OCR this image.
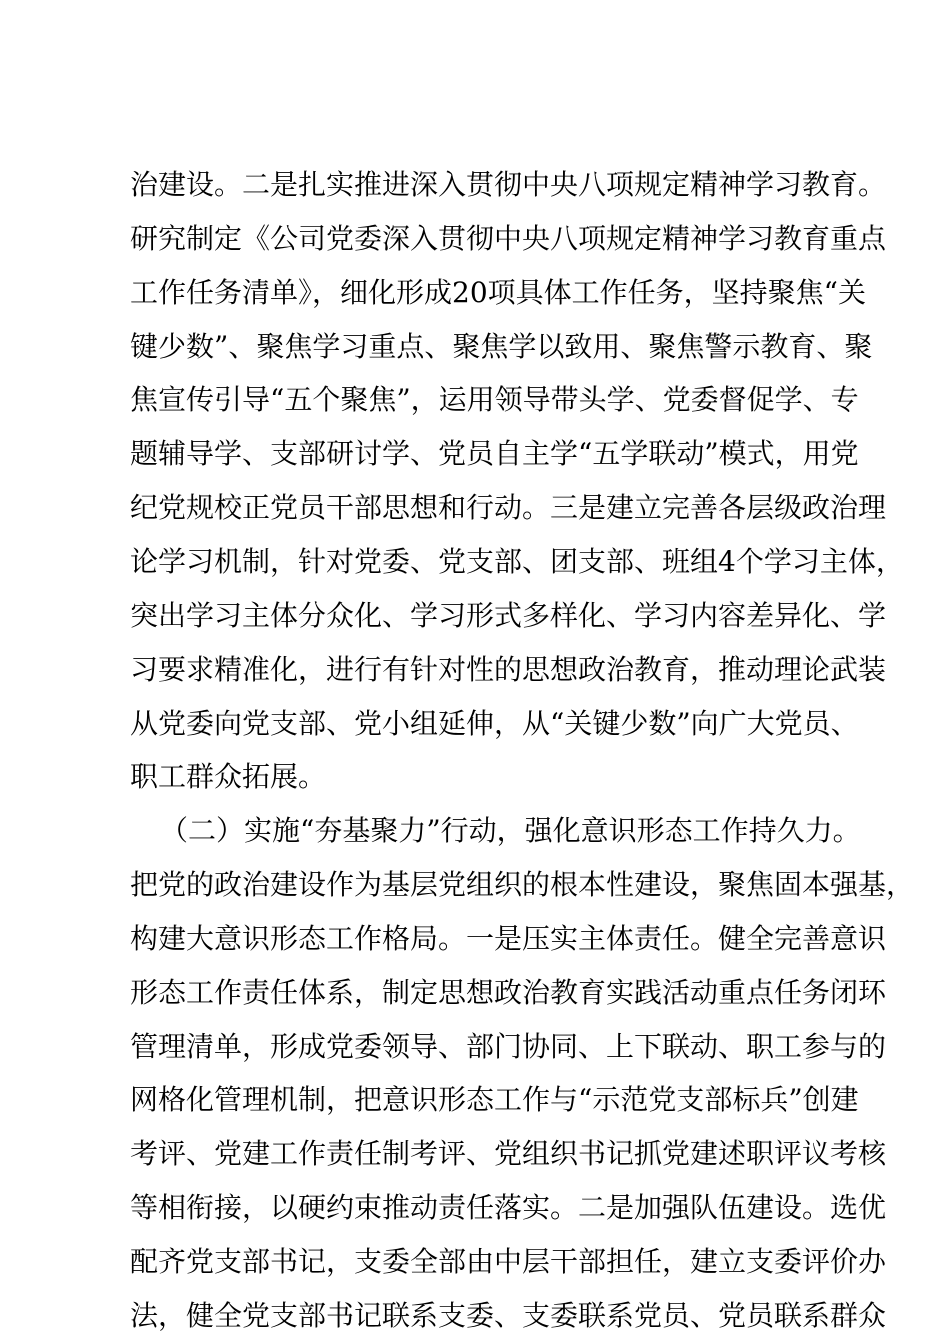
治建设。二是扎实推进深入贯彻中央八项规定精神学习教育。
研究制定《公司党委深入贯彻中央八项规定精神学习教育重点
工作任务清单》，细化形成20项具体工作任务，坚持聚焦“关
键少数”、聚焦学习重点、聚焦学以致用、聚焦警示教育、聚
焦宣传引导“五个聚焦”，运用领导带头学、党委督促学、专
题辅导学、支部研讨学、党员自主学“五学联动”模式，用党
纪党规校正党员干部思想和行动。三是建立完善各层级政治理
论学习机制，针对党委、党支部、团支部、班组4个学习主体，
突出学习主体分众化、学习形式多样化、学习内容差异化、学
习要求精准化，进行有针对性的思想政治教育，推动理论武装
从党委向党支部、党小组延伸，从“关键少数”向广大党员、
职工群众拓展。
（二）实施“夯基聚力”行动，强化意识形态工作持久力。
把党的政治建设作为基层党组织的根本性建设，聚焦固本强基，
构建大意识形态工作格局。一是压实主体责任。健全完善意识
形态工作责任体系，制定思想政治教育实践活动重点任务闭环
管理清单，形成党委领导、部门协同、上下联动、职工参与的
网格化管理机制，把意识形态工作与“示范党支部标兵”创建
考评、党建工作责任制考评、党组织书记抓党建述职评议考核
等相衔接，以硬约束推动责任落实。二是加强队伍建设。选优
配齐党支部书记，支委全部由中层干部担任，建立支委评价办
法，健全党支部书记联系支委、支委联系党员、党员联系群众
